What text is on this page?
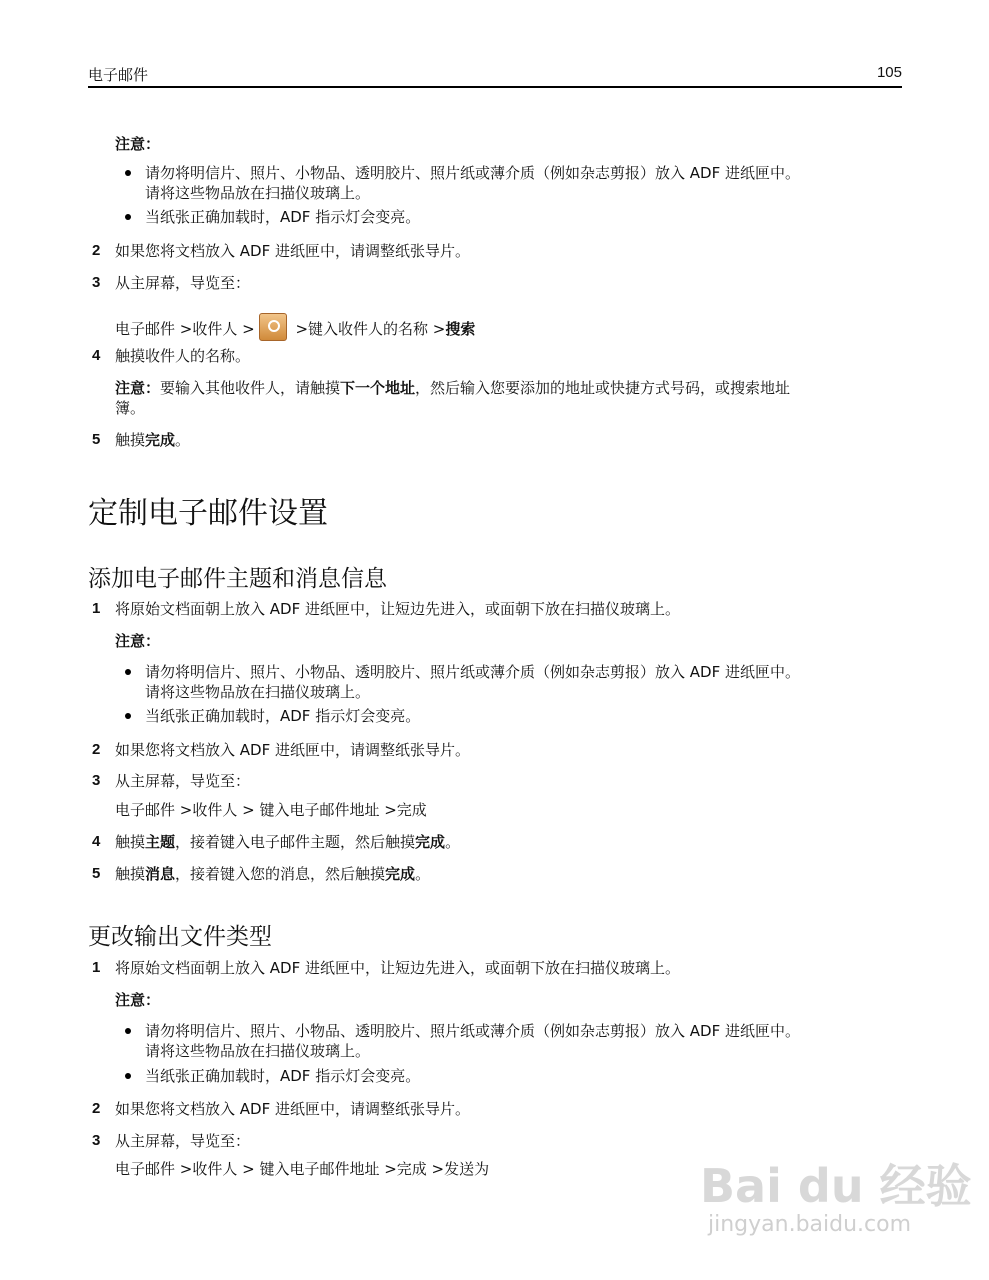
电子邮件	105
注意：
请勿将明信片、照片、小物品、透明胶片、照片纸或薄介质（例如杂志剪报）放入 ADF 进纸匣中。
请将这些物品放在扫描仪玻璃上。
当纸张正确加载时，ADF 指示灯会变亮。
2 如果您将文档放入 ADF 进纸匣中，请调整纸张导片。
3 从主屏幕，导览至：
电子邮件 >收件人 > >键入收件人的名称 >搜索
4 触摸收件人的名称。
注意：要输入其他收件人，请触摸下一个地址，然后输入您要添加的地址或快捷方式号码，或搜索地址
簿。
5 触摸完成。
定制电子邮件设置
添加电子邮件主题和消息信息
1 将原始文档面朝上放入 ADF 进纸匣中，让短边先进入，或面朝下放在扫描仪玻璃上。
注意：
请勿将明信片、照片、小物品、透明胶片、照片纸或薄介质（例如杂志剪报）放入 ADF 进纸匣中。
请将这些物品放在扫描仪玻璃上。
当纸张正确加载时，ADF 指示灯会变亮。
2 如果您将文档放入 ADF 进纸匣中，请调整纸张导片。
3 从主屏幕，导览至：
电子邮件 >收件人 > 键入电子邮件地址 >完成
4 触摸主题，接着键入电子邮件主题，然后触摸完成。
5 触摸消息，接着键入您的消息，然后触摸完成。
更改输出文件类型
1 将原始文档面朝上放入 ADF 进纸匣中，让短边先进入，或面朝下放在扫描仪玻璃上。
注意：
请勿将明信片、照片、小物品、透明胶片、照片纸或薄介质（例如杂志剪报）放入 ADF 进纸匣中。
请将这些物品放在扫描仪玻璃上。
当纸张正确加载时，ADF 指示灯会变亮。
2 如果您将文档放入 ADF 进纸匣中，请调整纸张导片。
3 从主屏幕，导览至：
电子邮件 >收件人 > 键入电子邮件地址 >完成 >发送为	Bai du 经验
jingyan.baidu.com
